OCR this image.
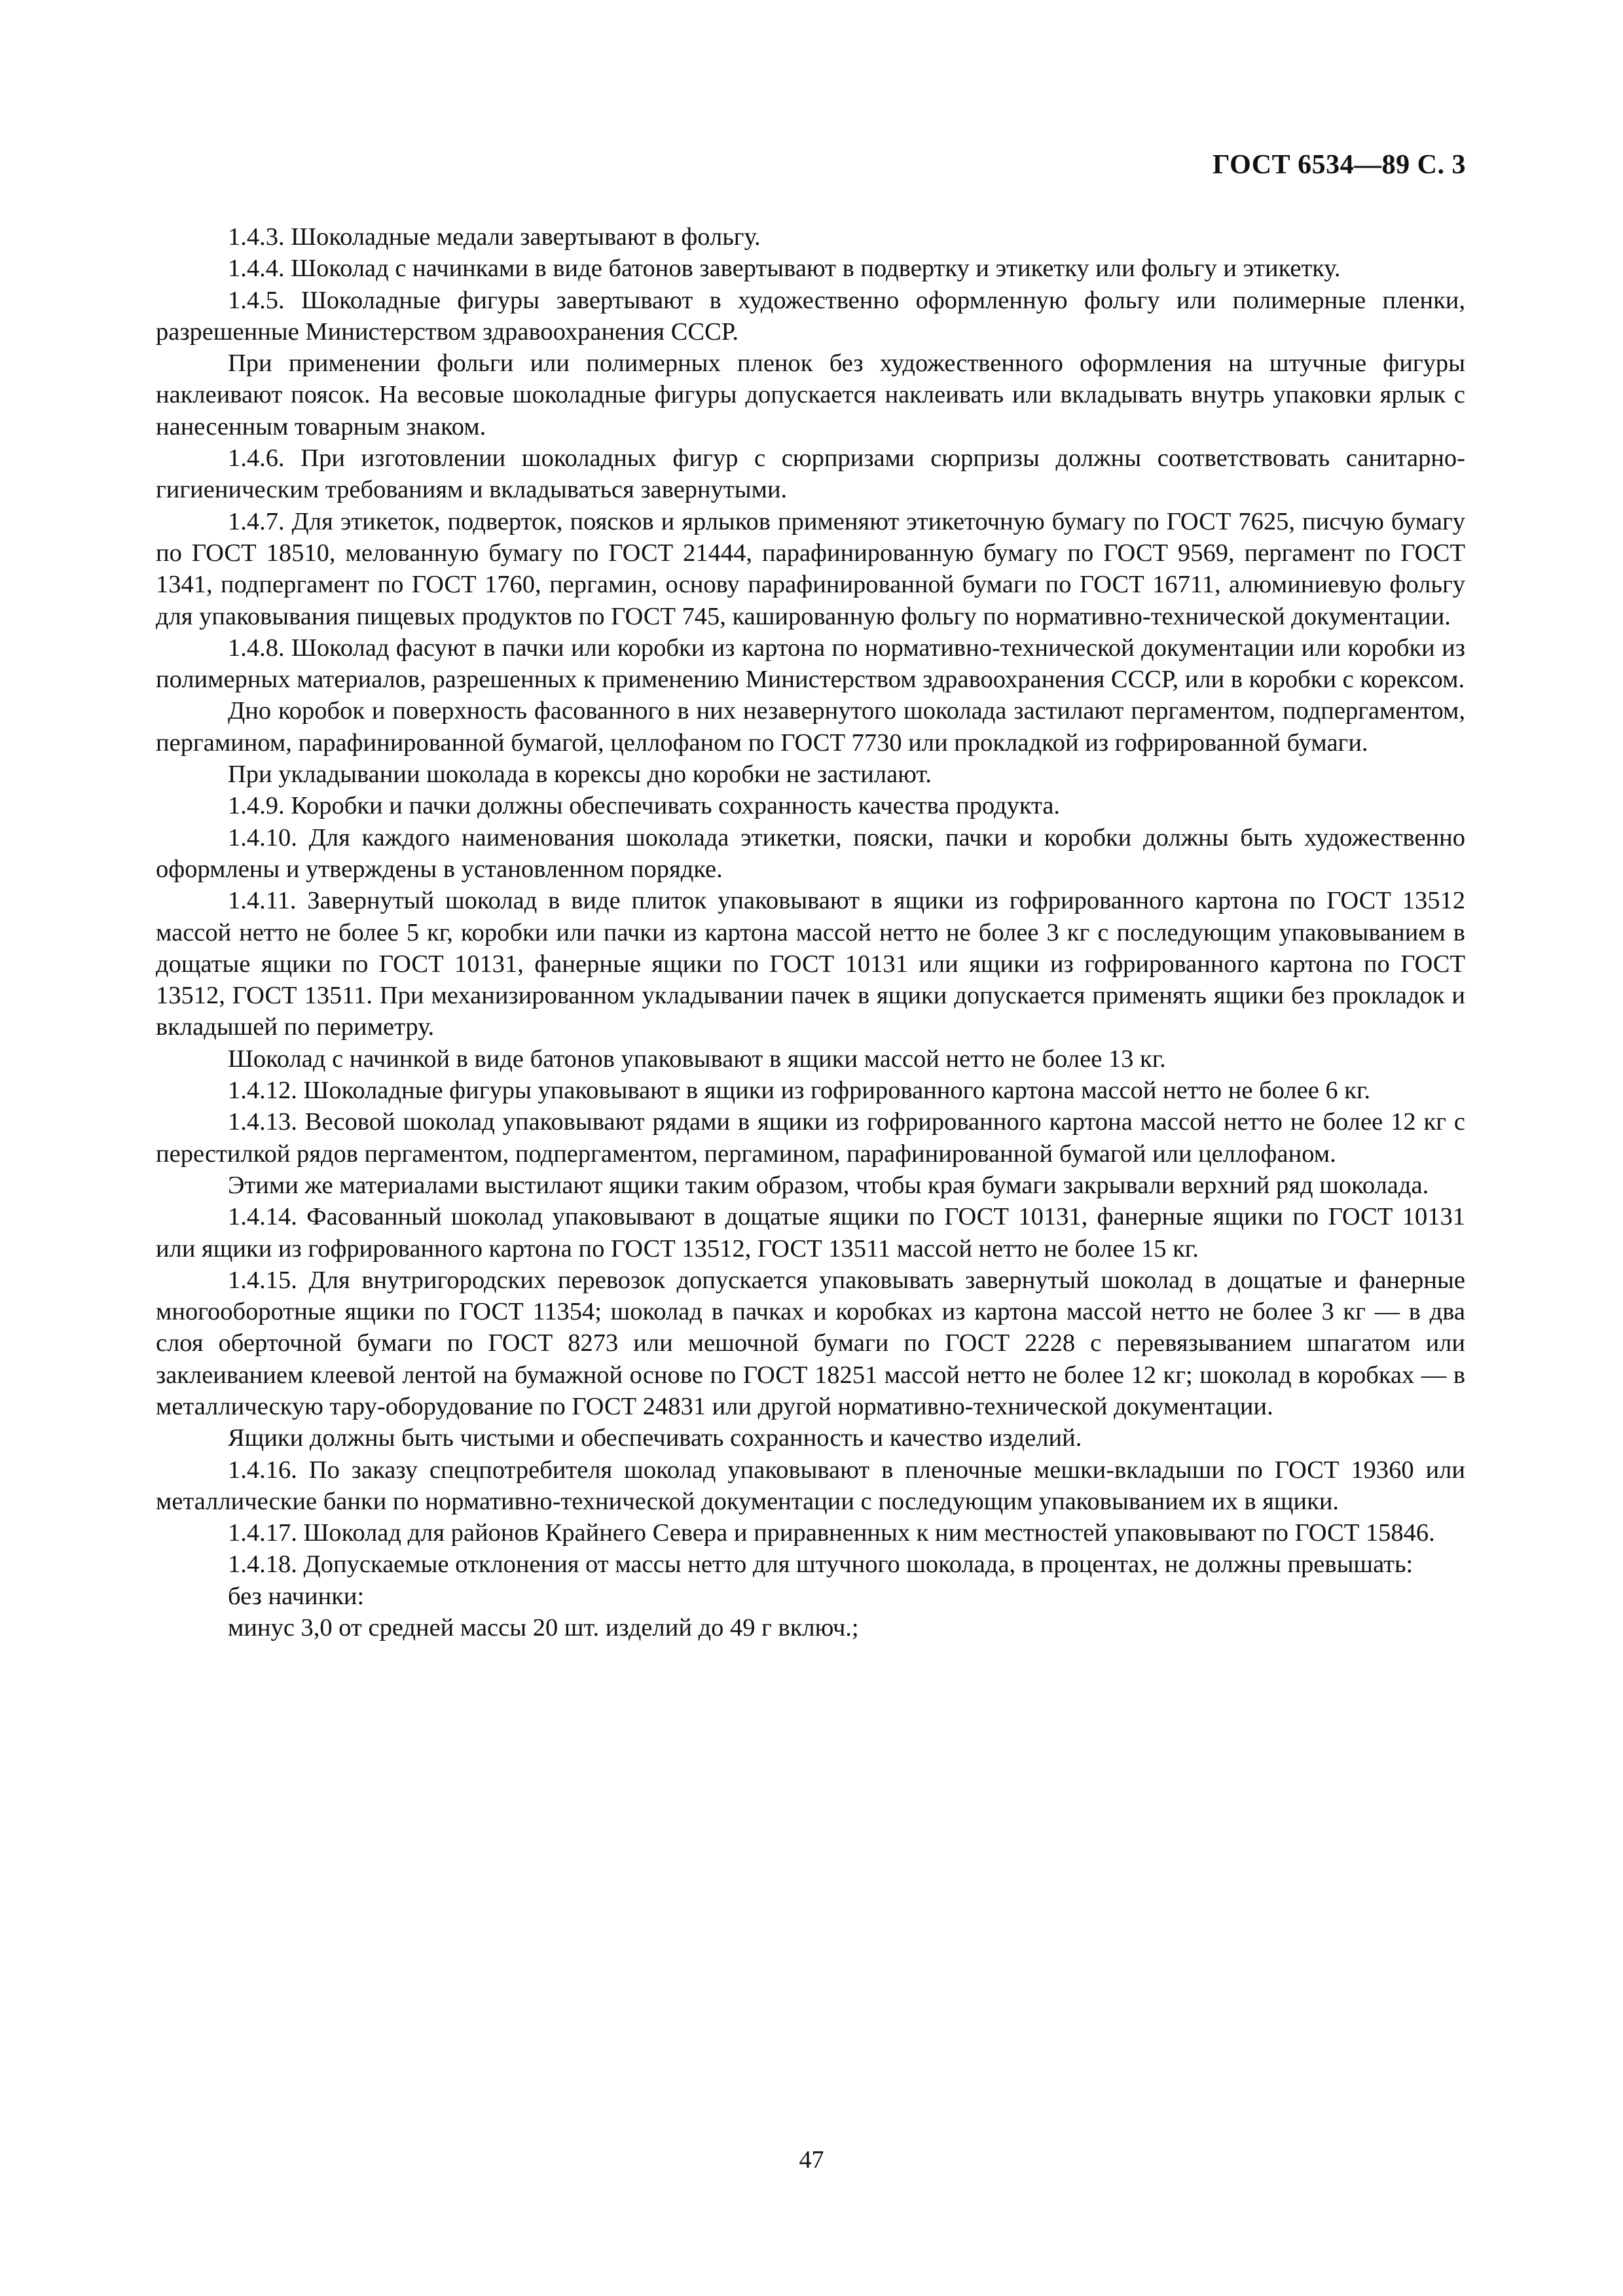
ГОСТ 6534—89 С. 3

1.4.3. Шоколадные медали завертывают в фольгу.

1.4.4. Шоколад с начинками в виде батонов завертывают в подвертку и этикетку или фольгу и этикетку.

1.4.5. Шоколадные фигуры завертывают в художественно оформленную фольгу или полимерные пленки, разрешенные Министерством здравоохранения СССР.

При применении фольги или полимерных пленок без художественного оформления на штучные фигуры наклеивают поясок. На весовые шоколадные фигуры допускается наклеивать или вкладывать внутрь упаковки ярлык с нанесенным товарным знаком.

1.4.6. При изготовлении шоколадных фигур с сюрпризами сюрпризы должны соответствовать санитарно-гигиеническим требованиям и вкладываться завернутыми.

1.4.7. Для этикеток, подверток, поясков и ярлыков применяют этикеточную бумагу по ГОСТ 7625, писчую бумагу по ГОСТ 18510, мелованную бумагу по ГОСТ 21444, парафинированную бумагу по ГОСТ 9569, пергамент по ГОСТ 1341, подпергамент по ГОСТ 1760, пергамин, основу парафинированной бумаги по ГОСТ 16711, алюминиевую фольгу для упаковывания пищевых продуктов по ГОСТ 745, кашированную фольгу по нормативно-технической документации.

1.4.8. Шоколад фасуют в пачки или коробки из картона по нормативно-технической документации или коробки из полимерных материалов, разрешенных к применению Министерством здравоохранения СССР, или в коробки с корексом.

Дно коробок и поверхность фасованного в них незавернутого шоколада застилают пергаментом, подпергаментом, пергамином, парафинированной бумагой, целлофаном по ГОСТ 7730 или прокладкой из гофрированной бумаги.

При укладывании шоколада в корексы дно коробки не застилают.

1.4.9. Коробки и пачки должны обеспечивать сохранность качества продукта.

1.4.10. Для каждого наименования шоколада этикетки, пояски, пачки и коробки должны быть художественно оформлены и утверждены в установленном порядке.

1.4.11. Завернутый шоколад в виде плиток упаковывают в ящики из гофрированного картона по ГОСТ 13512 массой нетто не более 5 кг, коробки или пачки из картона массой нетто не более 3 кг с последующим упаковыванием в дощатые ящики по ГОСТ 10131, фанерные ящики по ГОСТ 10131 или ящики из гофрированного картона по ГОСТ 13512, ГОСТ 13511. При механизированном укладывании пачек в ящики допускается применять ящики без прокладок и вкладышей по периметру.

Шоколад с начинкой в виде батонов упаковывают в ящики массой нетто не более 13 кг.

1.4.12. Шоколадные фигуры упаковывают в ящики из гофрированного картона массой нетто не более 6 кг.

1.4.13. Весовой шоколад упаковывают рядами в ящики из гофрированного картона массой нетто не более 12 кг с перестилкой рядов пергаментом, подпергаментом, пергамином, парафинированной бумагой или целлофаном.

Этими же материалами выстилают ящики таким образом, чтобы края бумаги закрывали верхний ряд шоколада.

1.4.14. Фасованный шоколад упаковывают в дощатые ящики по ГОСТ 10131, фанерные ящики по ГОСТ 10131 или ящики из гофрированного картона по ГОСТ 13512, ГОСТ 13511 массой нетто не более 15 кг.

1.4.15. Для внутригородских перевозок допускается упаковывать завернутый шоколад в дощатые и фанерные многооборотные ящики по ГОСТ 11354; шоколад в пачках и коробках из картона массой нетто не более 3 кг — в два слоя оберточной бумаги по ГОСТ 8273 или мешочной бумаги по ГОСТ 2228 с перевязыванием шпагатом или заклеиванием клеевой лентой на бумажной основе по ГОСТ 18251 массой нетто не более 12 кг; шоколад в коробках — в металлическую тару-оборудование по ГОСТ 24831 или другой нормативно-технической документации.

Ящики должны быть чистыми и обеспечивать сохранность и качество изделий.

1.4.16. По заказу спецпотребителя шоколад упаковывают в пленочные мешки-вкладыши по ГОСТ 19360 или металлические банки по нормативно-технической документации с последующим упаковыванием их в ящики.

1.4.17. Шоколад для районов Крайнего Севера и приравненных к ним местностей упаковывают по ГОСТ 15846.

1.4.18. Допускаемые отклонения от массы нетто для штучного шоколада, в процентах, не должны превышать:

без начинки:

минус 3,0 от средней массы 20 шт. изделий до 49 г включ.;

47
